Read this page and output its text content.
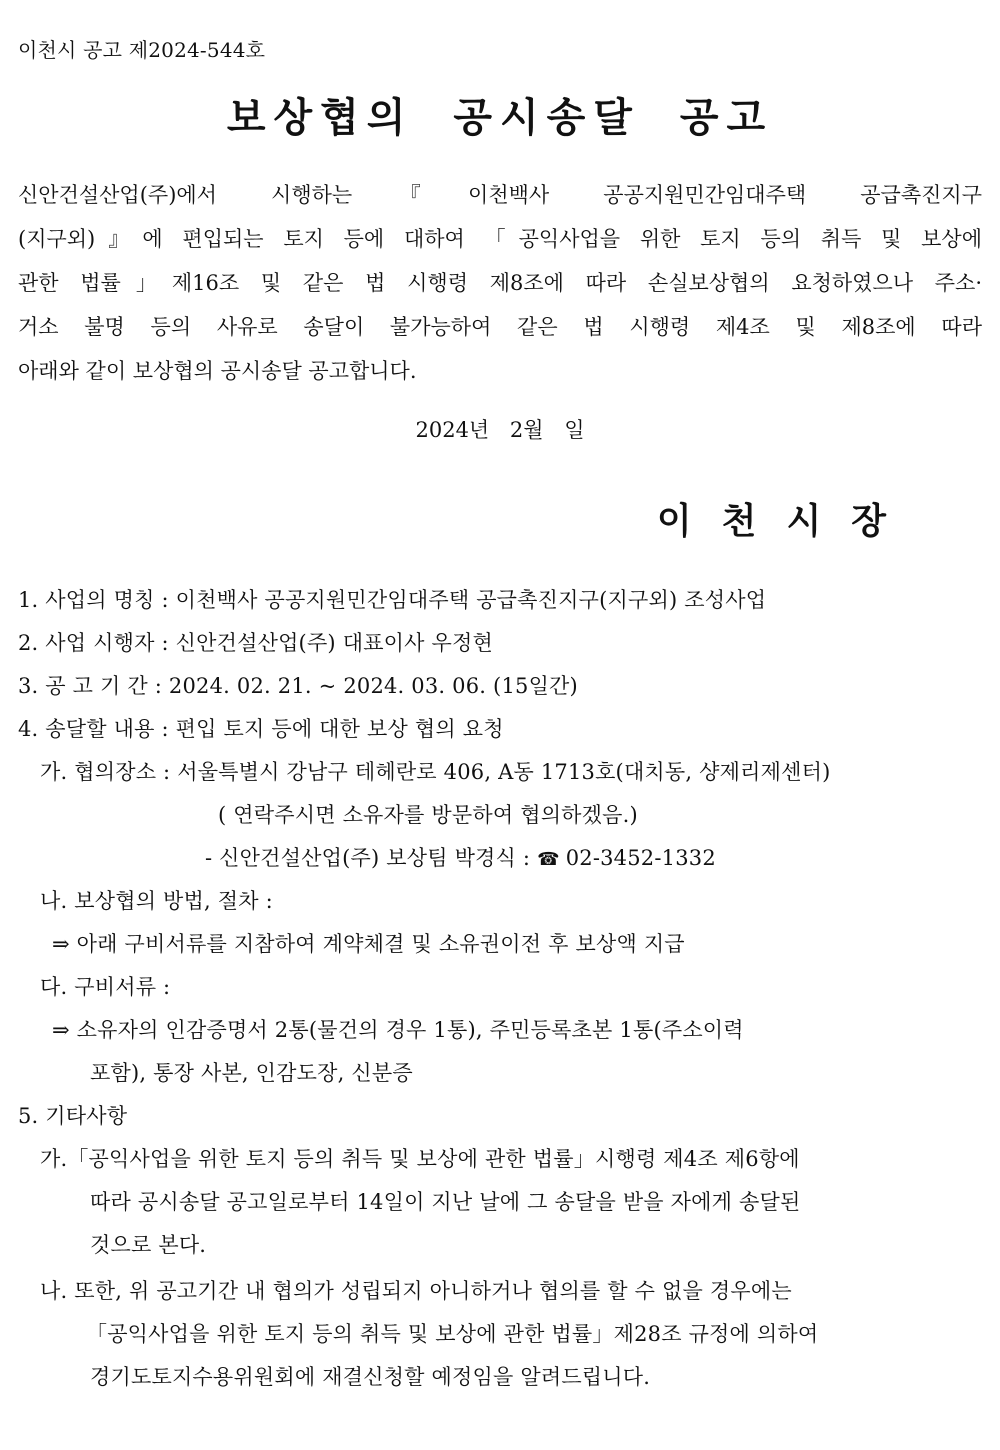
이천시 공고 제2024-544호
보상협의 공시송달 공고
신안건설산업(주)에서 시행하는『이천백사 공공지원민간임대주택 공급촉진지구
(지구외)』에 편입되는 토지 등에 대하여 「공익사업을 위한 토지 등의 취득 및 보상에
관한 법률」제16조 및 같은 법 시행령 제8조에 따라 손실보상협의 요청하였으나 주소·
거소 불명 등의 사유로 송달이 불가능하여 같은 법 시행령 제4조 및 제8조에 따라
아래와 같이 보상협의 공시송달 공고합니다.
2024년 2월 일
이천시장
1. 사업의 명칭 : 이천백사 공공지원민간임대주택 공급촉진지구(지구외) 조성사업
2. 사업 시행자 : 신안건설산업(주) 대표이사 우정현
3. 공 고 기 간 : 2024. 02. 21. ~ 2024. 03. 06. (15일간)
4. 송달할 내용 : 편입 토지 등에 대한 보상 협의 요청
가. 협의장소 : 서울특별시 강남구 테헤란로 406, A동 1713호(대치동, 샹제리제센터)
( 연락주시면 소유자를 방문하여 협의하겠음.)
- 신안건설산업(주) 보상팀 박경식 : ☎ 02-3452-1332
나. 보상협의 방법, 절차 :
⇒ 아래 구비서류를 지참하여 계약체결 및 소유권이전 후 보상액 지급
다. 구비서류 :
⇒ 소유자의 인감증명서 2통(물건의 경우 1통), 주민등록초본 1통(주소이력
포함), 통장 사본, 인감도장, 신분증
5. 기타사항
가.「공익사업을 위한 토지 등의 취득 및 보상에 관한 법률」시행령 제4조 제6항에
따라 공시송달 공고일로부터 14일이 지난 날에 그 송달을 받을 자에게 송달된
것으로 본다.
나. 또한, 위 공고기간 내 협의가 성립되지 아니하거나 협의를 할 수 없을 경우에는
「공익사업을 위한 토지 등의 취득 및 보상에 관한 법률」제28조 규정에 의하여
경기도토지수용위원회에 재결신청할 예정임을 알려드립니다.
